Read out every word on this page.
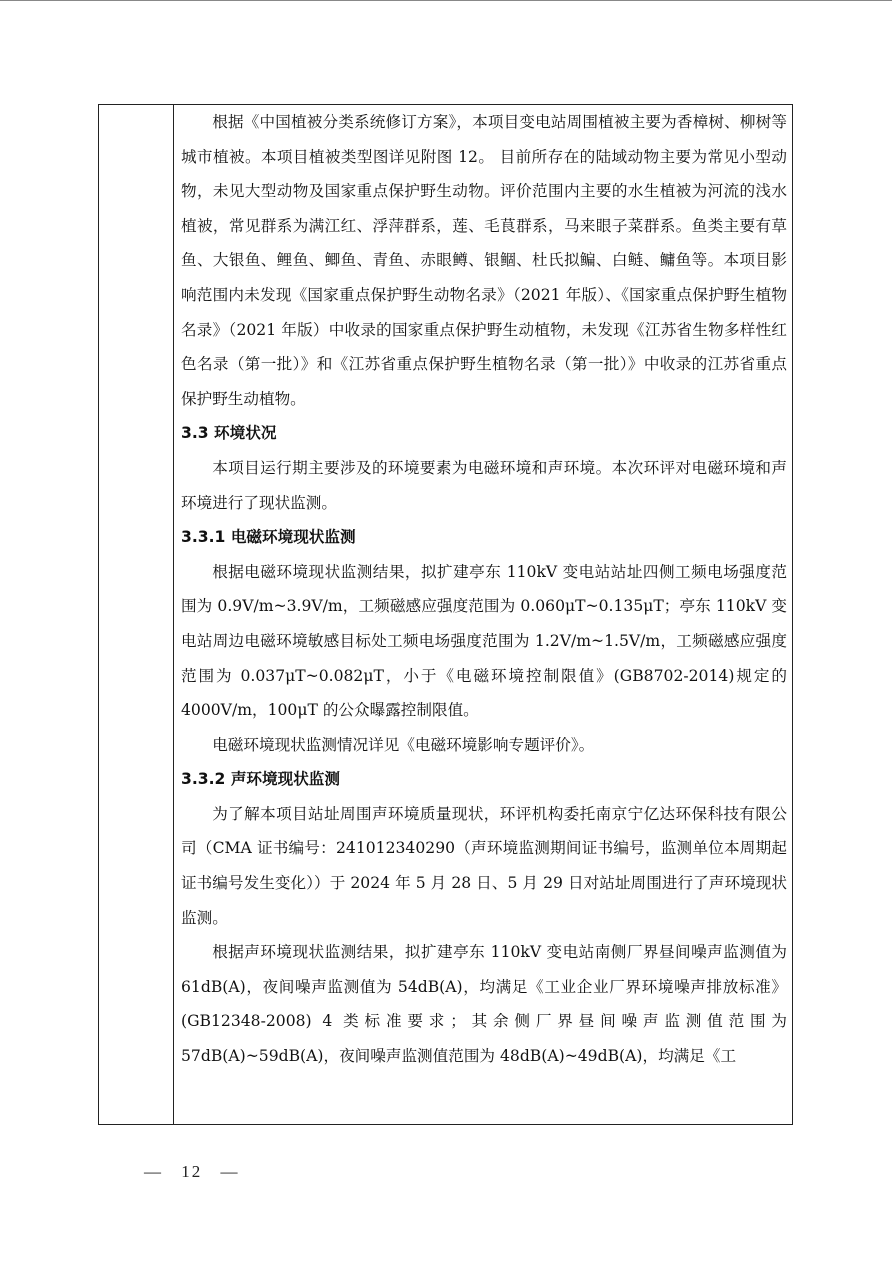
根据《中国植被分类系统修订方案》，本项目变电站周围植被主要为香樟树、柳树等城市植被。本项目植被类型图详见附图 12。 目前所存在的陆域动物主要为常见小型动物，未见大型动物及国家重点保护野生动物。评价范围内主要的水生植被为河流的浅水植被，常见群系为满江红、浮萍群系，莲、毛茛群系，马来眼子菜群系。鱼类主要有草鱼、大银鱼、鲤鱼、鲫鱼、青鱼、赤眼鳟、银鲴、杜氏拟鳊、白鲢、鳙鱼等。本项目影响范围内未发现《国家重点保护野生动物名录》（2021 年版）、《国家重点保护野生植物名录》（2021 年版）中收录的国家重点保护野生动植物，未发现《江苏省生物多样性红色名录（第一批）》和《江苏省重点保护野生植物名录（第一批）》中收录的江苏省重点保护野生动植物。

3.3 环境状况

本项目运行期主要涉及的环境要素为电磁环境和声环境。本次环评对电磁环境和声环境进行了现状监测。

3.3.1 电磁环境现状监测

根据电磁环境现状监测结果，拟扩建亭东 110kV 变电站站址四侧工频电场强度范围为 0.9V/m~3.9V/m，工频磁感应强度范围为 0.060μT~0.135μT；亭东 110kV 变电站周边电磁环境敏感目标处工频电场强度范围为 1.2V/m~1.5V/m，工频磁感应强度范围为 0.037μT~0.082μT，小于《电磁环境控制限值》(GB8702-2014)规定的 4000V/m，100μT 的公众曝露控制限值。

电磁环境现状监测情况详见《电磁环境影响专题评价》。

3.3.2 声环境现状监测

为了解本项目站址周围声环境质量现状，环评机构委托南京宁亿达环保科技有限公司（CMA 证书编号：241012340290（声环境监测期间证书编号，监测单位本周期起证书编号发生变化））于 2024 年 5 月 28 日、5 月 29 日对站址周围进行了声环境现状监测。

根据声环境现状监测结果，拟扩建亭东 110kV 变电站南侧厂界昼间噪声监测值为 61dB(A)，夜间噪声监测值为 54dB(A)，均满足《工业企业厂界环境噪声排放标准》(GB12348-2008) 4 类标准要求；其余侧厂界昼间噪声监测值范围为 57dB(A)~59dB(A)，夜间噪声监测值范围为 48dB(A)~49dB(A)，均满足《工

— 12 —
